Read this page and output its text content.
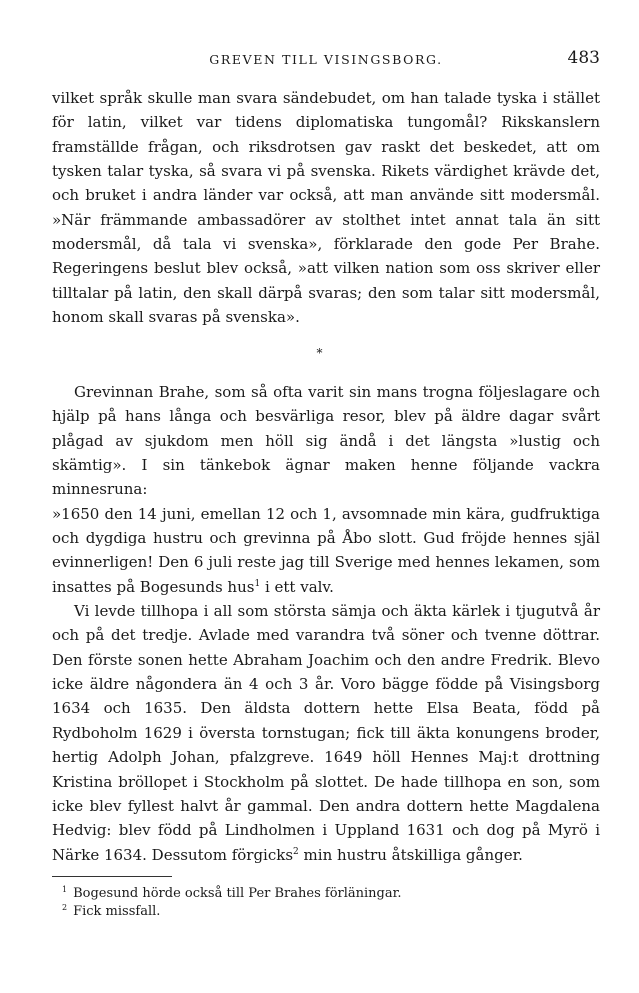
GREVEN TILL VISINGSBORG.	483

vilket språk skulle man svara sändebudet, om han talade tyska i stället för latin, vilket var tidens diplomatiska tungomål? Rikskanslern framställde frågan, och riksdrotsen gav raskt det beskedet, att om tysken talar tyska, så svara vi på svenska. Rikets värdighet krävde det, och bruket i andra länder var också, att man använde sitt modersmål. »När främmande ambassadörer av stolthet intet annat tala än sitt modersmål, då tala vi svenska», förklarade den gode Per Brahe. Regeringens beslut blev också, »att vilken nation som oss skriver eller tilltalar på latin, den skall därpå svaras; den som talar sitt modersmål, honom skall svaras på svenska».

*

Grevinnan Brahe, som så ofta varit sin mans trogna följeslagare och hjälp på hans långa och besvärliga resor, blev på äldre dagar svårt plågad av sjukdom men höll sig ändå i det längsta »lustig och skämtig». I sin tänkebok ägnar maken henne följande vackra minnesruna:

»1650 den 14 juni, emellan 12 och 1, avsomnade min kära, gudfruktiga och dygdiga hustru och grevinna på Åbo slott. Gud fröjde hennes själ evinnerligen! Den 6 juli reste jag till Sverige med hennes lekamen, som insattes på Bogesunds hus$^1$ i ett valv.

Vi levde tillhopa i all som största sämja och äkta kärlek i tjugutvå år och på det tredje. Avlade med varandra två söner och tvenne döttrar. Den förste sonen hette Abraham Joachim och den andre Fredrik. Blevo icke äldre någondera än 4 och 3 år. Voro bägge födde på Visingsborg 1634 och 1635. Den äldsta dottern hette Elsa Beata, född på Rydboholm 1629 i översta tornstugan; fick till äkta konungens broder, hertig Adolph Johan, pfalzgreve. 1649 höll Hennes Maj:t drottning Kristina bröllopet i Stockholm på slottet. De hade tillhopa en son, som icke blev fyllest halvt år gammal. Den andra dottern hette Magdalena Hedvig: blev född på Lindholmen i Uppland 1631 och dog på Myrö i Närke 1634. Dessutom förgicks$^2$ min hustru åtskilliga gånger.

$^1$ Bogesund hörde också till Per Brahes förläningar.
$^2$ Fick missfall.
